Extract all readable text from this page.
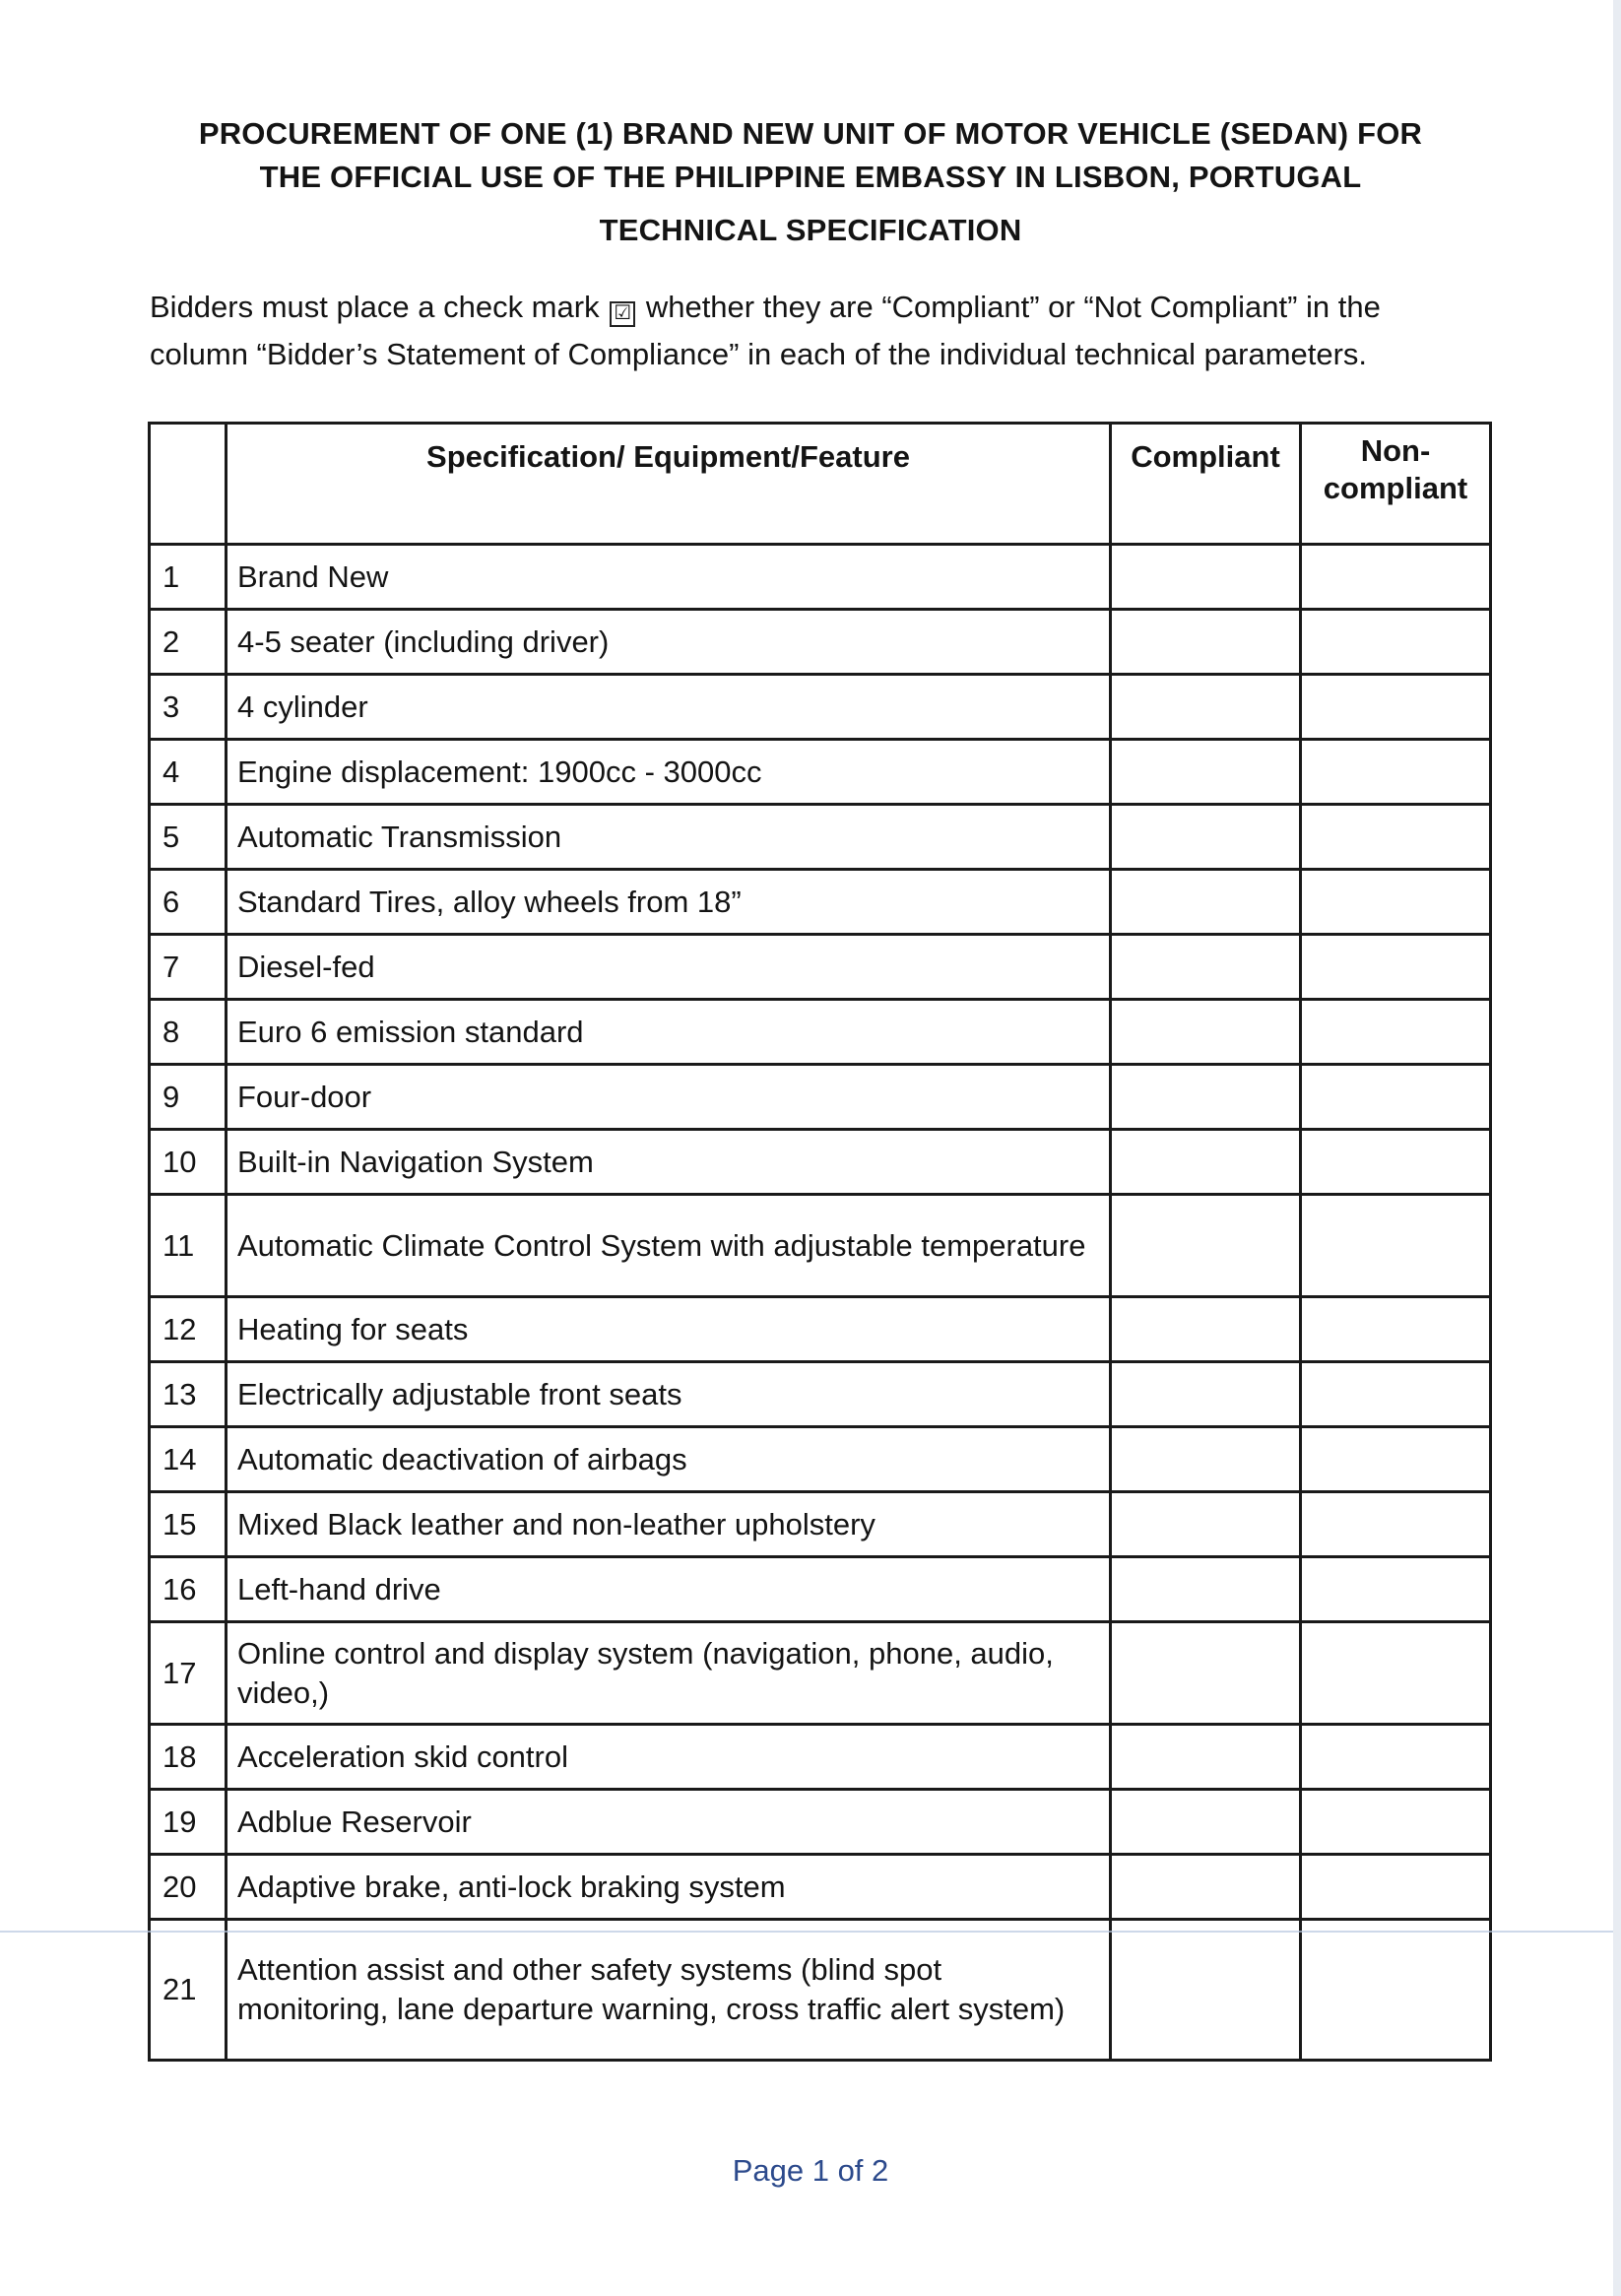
PROCUREMENT OF ONE (1) BRAND NEW UNIT OF MOTOR VEHICLE (SEDAN) FOR
THE OFFICIAL USE OF THE PHILIPPINE EMBASSY IN LISBON, PORTUGAL
TECHNICAL SPECIFICATION
Bidders must place a check mark ☑ whether they are “Compliant” or “Not Compliant” in the column “Bidder’s Statement of Compliance” in each of the individual technical parameters.
	Specification/ Equipment/Feature	Compliant	Non-compliant
1	Brand New		

2	4-5 seater (including driver)		

3	4 cylinder		

4	Engine displacement: 1900cc - 3000cc		

5	Automatic Transmission		

6	Standard Tires, alloy wheels from 18”		

7	Diesel-fed		

8	Euro 6 emission standard		

9	Four-door		

10	Built-in Navigation System		

11	Automatic Climate Control System with adjustable temperature		

12	Heating for seats		

13	Electrically adjustable front seats		

14	Automatic deactivation of airbags		

15	Mixed Black leather and non-leather upholstery		

16	Left-hand drive		

17	Online control and display system (navigation, phone, audio, video,)		

18	Acceleration skid control		

19	Adblue Reservoir		

20	Adaptive brake, anti-lock braking system		

21	Attention assist and other safety systems (blind spot monitoring, lane departure warning, cross traffic alert system)		

Page 1 of 2
